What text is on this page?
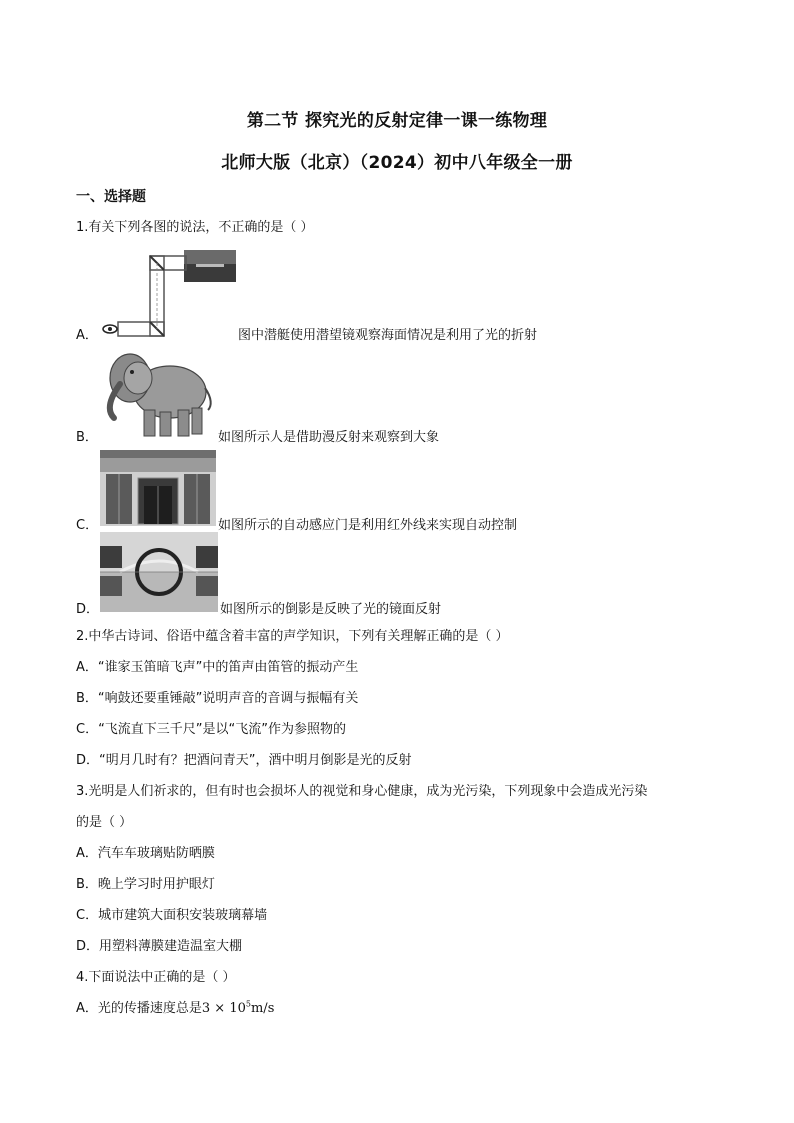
第二节 探究光的反射定律一课一练物理
北师大版（北京）（2024）初中八年级全一册
一、选择题
1.有关下列各图的说法，不正确的是（ ）
A．	图中潜艇使用潜望镜观察海面情况是利用了光的折射
B．	如图所示人是借助漫反射来观察到大象
C．	如图所示的自动感应门是利用红外线来实现自动控制
D．	如图所示的倒影是反映了光的镜面反射
2.中华古诗词、俗语中蕴含着丰富的声学知识，下列有关理解正确的是（ ）
A．“谁家玉笛暗飞声”中的笛声由笛管的振动产生
B．“响鼓还要重锤敲”说明声音的音调与振幅有关
C．“飞流直下三千尺”是以“飞流”作为参照物的
D．“明月几时有？把酒问青天”，酒中明月倒影是光的反射
3.光明是人们祈求的，但有时也会损坏人的视觉和身心健康，成为光污染，下列现象中会造成光污染
的是（ ）
A．汽车车玻璃贴防晒膜
B．晚上学习时用护眼灯
C．城市建筑大面积安装玻璃幕墙
D．用塑料薄膜建造温室大棚
4.下面说法中正确的是（ ）
A．光的传播速度总是$3 \times 10^5m/s$
